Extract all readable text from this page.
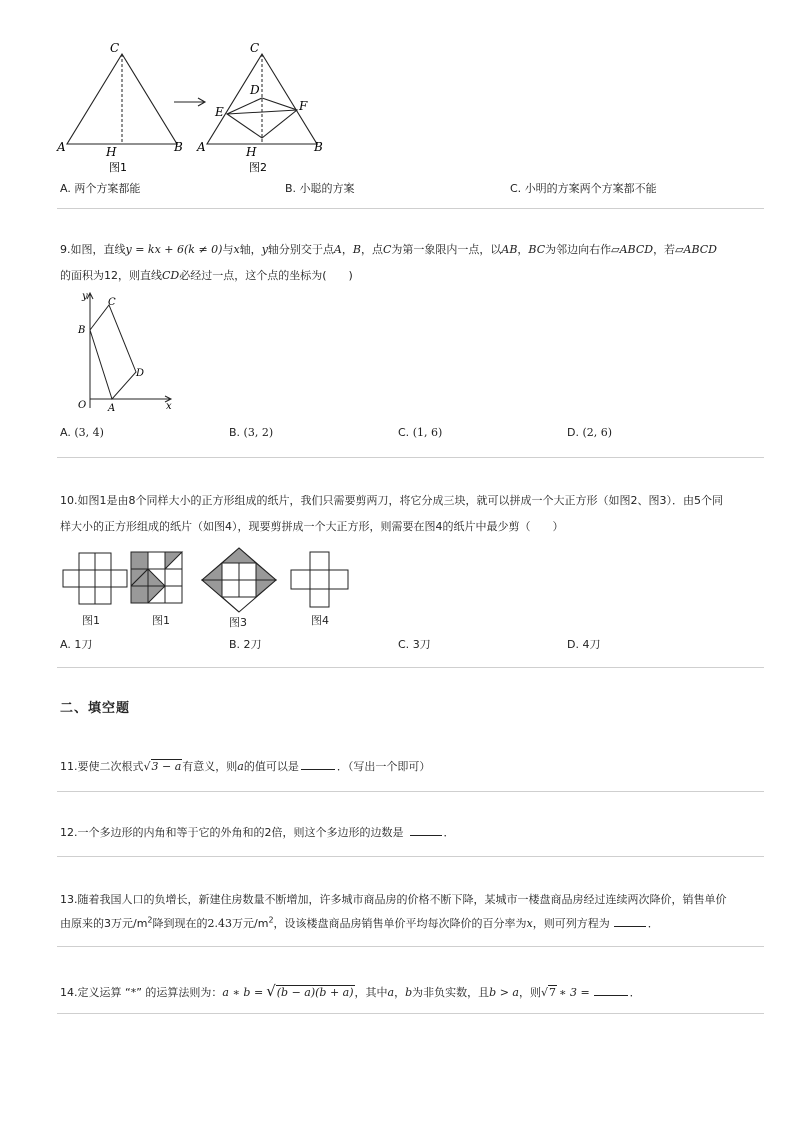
C
A	H	B
图1
C
D
E	F
A	H	B
图2
A. 两个方案都能	B. 小聪的方案	C. 小明的方案两个方案都不能
9.如图，直线y = kx + 6(k ≠ 0)与x轴，y轴分别交于点A，B，点C为第一象限内一点，以AB，BC为邻边向右作▱ABCD，若▱ABCD
的面积为12，则直线CD必经过一点，这个点的坐标为(　　)
y
x
O A
B
C
D
A. (3, 4)	B. (3, 2)	C. (1, 6)	D. (2, 6)
10.如图1是由8个同样大小的正方形组成的纸片，我们只需要剪两刀，将它分成三块，就可以拼成一个大正方形（如图2、图3）．由5个同
样大小的正方形组成的纸片（如图4），现要剪拼成一个大正方形，则需要在图4的纸片中最少剪（　　）
图1	图1	图3	图4
A. 1刀	B. 2刀	C. 3刀	D. 4刀
二、填空题
11.要使二次根式√3 − a有意义，则a的值可以是	．（写出一个即可）
12.一个多边形的内角和等于它的外角和的2倍，则这个多边形的边数是	．
13.随着我国人口的负增长，新建住房数量不断增加，许多城市商品房的价格不断下降，某城市一楼盘商品房经过连续两次降价，销售单价
由原来的3万元$/m^2$降到现在的2.43万元$/m^2$，设该楼盘商品房销售单价平均每次降价的百分率为x，则可列方程为	．
14.定义运算 “*” 的运算法则为：a ∗ b = √(b − a)(b + a)，其中a，b为非负实数，且b > a，则√7 ∗ 3 =	．
